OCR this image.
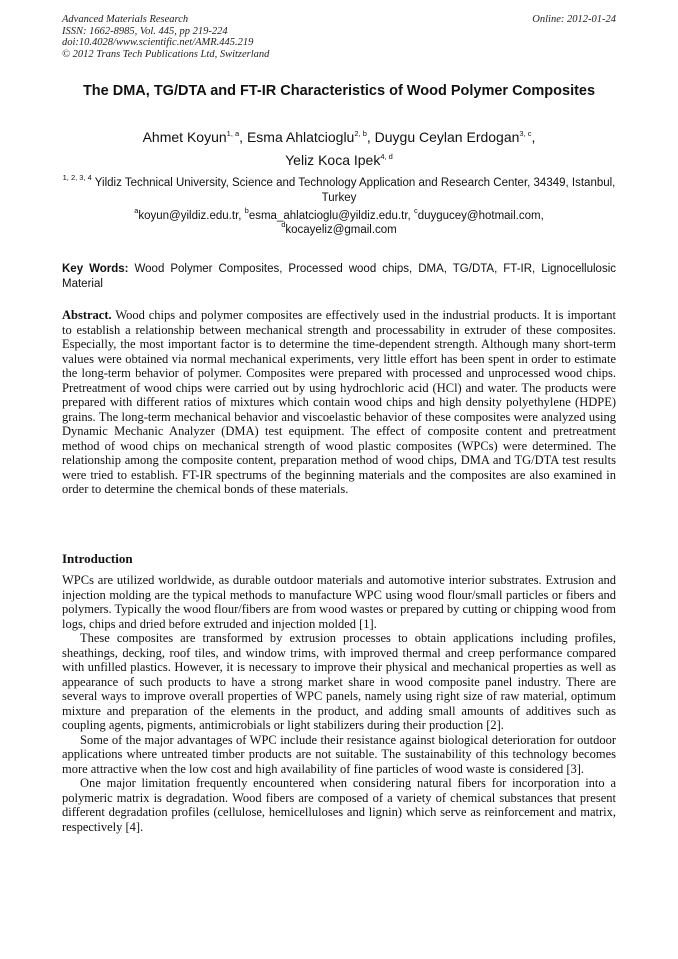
Advanced Materials Research
ISSN: 1662-8985, Vol. 445, pp 219-224
doi:10.4028/www.scientific.net/AMR.445.219
© 2012 Trans Tech Publications Ltd, Switzerland
Online: 2012-01-24
The DMA, TG/DTA and FT-IR Characteristics of Wood Polymer Composites
Ahmet Koyun$^{1, a}$, Esma Ahlatcioglu$^{2, b}$, Duygu Ceylan Erdogan$^{3, c}$,
Yeliz Koca Ipek$^{4, d}$
$^{1, 2, 3, 4}$ Yildiz Technical University, Science and Technology Application and Research Center, 34349, Istanbul, Turkey
$^a$koyun@yildiz.edu.tr, $^b$esma_ahlatcioglu@yildiz.edu.tr, $^c$duygucey@hotmail.com,
$^d$kocayeliz@gmail.com
Key Words: Wood Polymer Composites, Processed wood chips, DMA, TG/DTA, FT-IR, Lignocellulosic Material
Abstract. Wood chips and polymer composites are effectively used in the industrial products. It is important to establish a relationship between mechanical strength and processability in extruder of these composites. Especially, the most important factor is to determine the time-dependent strength. Although many short-term values were obtained via normal mechanical experiments, very little effort has been spent in order to estimate the long-term behavior of polymer. Composites were prepared with processed and unprocessed wood chips. Pretreatment of wood chips were carried out by using hydrochloric acid (HCl) and water. The products were prepared with different ratios of mixtures which contain wood chips and high density polyethylene (HDPE) grains. The long-term mechanical behavior and viscoelastic behavior of these composites were analyzed using Dynamic Mechanic Analyzer (DMA) test equipment. The effect of composite content and pretreatment method of wood chips on mechanical strength of wood plastic composites (WPCs) were determined. The relationship among the composite content, preparation method of wood chips, DMA and TG/DTA test results were tried to establish. FT-IR spectrums of the beginning materials and the composites are also examined in order to determine the chemical bonds of these materials.
Introduction

WPCs are utilized worldwide, as durable outdoor materials and automotive interior substrates. Extrusion and injection molding are the typical methods to manufacture WPC using wood flour/small particles or fibers and polymers. Typically the wood flour/fibers are from wood wastes or prepared by cutting or chipping wood from logs, chips and dried before extruded and injection molded [1].

These composites are transformed by extrusion processes to obtain applications including profiles, sheathings, decking, roof tiles, and window trims, with improved thermal and creep performance compared with unfilled plastics. However, it is necessary to improve their physical and mechanical properties as well as appearance of such products to have a strong market share in wood composite panel industry. There are several ways to improve overall properties of WPC panels, namely using right size of raw material, optimum mixture and preparation of the elements in the product, and adding small amounts of additives such as coupling agents, pigments, antimicrobials or light stabilizers during their production [2].

Some of the major advantages of WPC include their resistance against biological deterioration for outdoor applications where untreated timber products are not suitable. The sustainability of this technology becomes more attractive when the low cost and high availability of fine particles of wood waste is considered [3].

One major limitation frequently encountered when considering natural fibers for incorporation into a polymeric matrix is degradation. Wood fibers are composed of a variety of chemical substances that present different degradation profiles (cellulose, hemicelluloses and lignin) which serve as reinforcement and matrix, respectively [4].
